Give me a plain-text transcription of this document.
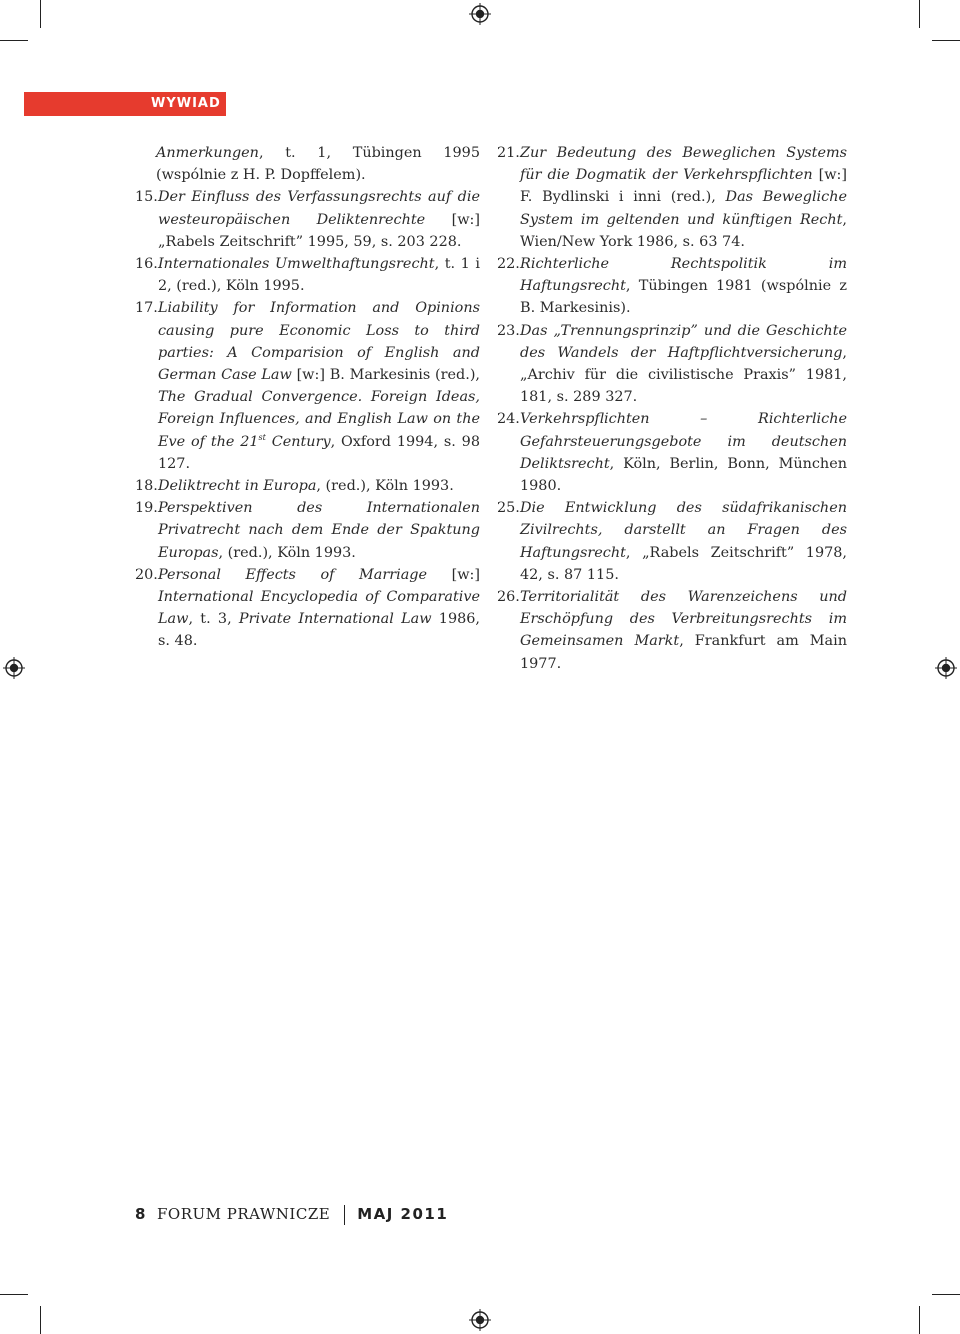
WYWIAD
Anmerkungen, t. 1, Tübingen 1995 (wspólnie z H. P. Dopffelem).
15. Der Einfluss des Verfassungsrechts auf die westeuropäischen Deliktenrechte [w:] „Rabels Zeitschrift” 1995, 59, s. 203 228.
16. Internationales Umwelthaftungsrecht, t. 1 i 2, (red.), Köln 1995.
17. Liability for Information and Opinions causing pure Economic Loss to third parties: A Comparision of English and German Case Law [w:] B. Markesinis (red.), The Gradual Convergence. Foreign Ideas, Foreign Influences, and English Law on the Eve of the 21st Century, Oxford 1994, s. 98 127.
18. Deliktrecht in Europa, (red.), Köln 1993.
19. Perspektiven des Internationalen Privatrecht nach dem Ende der Spaktung Europas, (red.), Köln 1993.
20. Personal Effects of Marriage [w:] International Encyclopedia of Comparative Law, t. 3, Private International Law 1986, s. 48.
21. Zur Bedeutung des Beweglichen Systems für die Dogmatik der Verkehrspflichten [w:] F. Bydlinski i inni (red.), Das Bewegliche System im geltenden und künftigen Recht, Wien/New York 1986, s. 63 74.
22. Richterliche Rechtspolitik im Haftungsrecht, Tübingen 1981 (wspólnie z B. Markesinis).
23. Das „Trennungsprinzip” und die Geschichte des Wandels der Haftpflichtversicherung, „Archiv für die civilistische Praxis” 1981, 181, s. 289 327.
24. Verkehrspflichten – Richterliche Gefahrsteuerungsgebote im deutschen Deliktsrecht, Köln, Berlin, Bonn, München 1980.
25. Die Entwicklung des südafrikanischen Zivilrechts, darstellt an Fragen des Haftungsrecht, „Rabels Zeitschrift” 1978, 42, s. 87 115.
26. Territorialität des Warenzeichens und Erschöpfung des Verbreitungsrechts im Gemeinsamen Markt, Frankfurt am Main 1977.
8 FORUM PRAWNICZE MAJ 2011
